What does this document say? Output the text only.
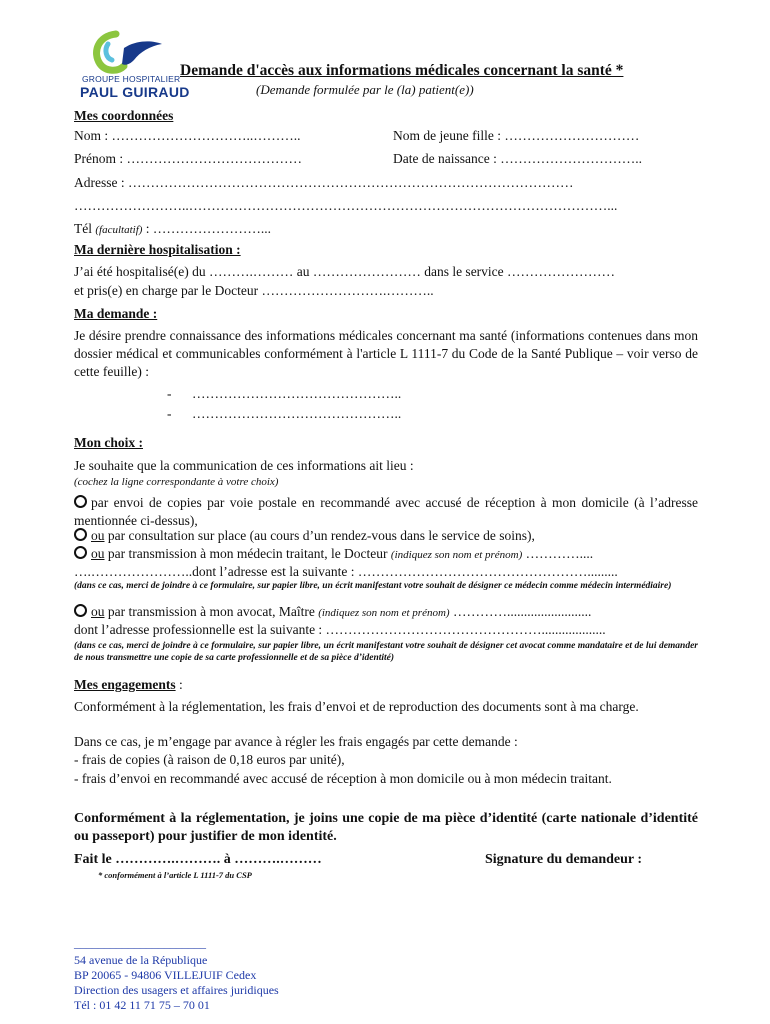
GROUPE HOSPITALIER
PAUL GUIRAUD
Demande d'accès aux informations médicales concernant la santé *
(Demande formulée par le (la) patient(e))
Mes coordonnées
Nom : …………………………..………..	Nom de jeune fille : …………………………
Prénom : …………………………………	Date de naissance : …………………………..
Adresse : ………………………………………………………………………………………
……………………..…………………………………………………………………………………...
Tél (facultatif) : ……………………...
Ma dernière hospitalisation :
J’ai été hospitalisé(e) du ……….……… au …………………… dans le service ……………………
et pris(e) en charge par le Docteur ……………………….………..
Ma demande :
Je désire prendre connaissance des informations médicales concernant ma santé (informations contenues dans mon dossier médical et communicables conformément à l'article L 1111-7 du Code de la Santé Publique – voir verso de cette feuille) :
- ………………………………………..
- ………………………………………..
Mon choix :
Je souhaite que la communication de ces informations ait lieu :
(cochez la ligne correspondante à votre choix)
par envoi de copies par voie postale en recommandé avec accusé de réception à mon domicile (à l’adresse mentionnée ci-dessus),
ou par consultation sur place (au cours d’un rendez-vous dans le service de soins),
ou par transmission à mon médecin traitant, le Docteur (indiquez son nom et prénom) …………....
….…………………..dont l’adresse est la suivante : …………………………………………….........
(dans ce cas, merci de joindre à ce formulaire, sur papier libre, un écrit manifestant votre souhait de désigner ce médecin comme médecin intermédiaire)
ou par transmission à mon avocat, Maître (indiquez son nom et prénom) ………….........................
dont l’adresse professionnelle est la suivante : …………………………………………...................
(dans ce cas, merci de joindre à ce formulaire, sur papier libre, un écrit manifestant votre souhait de désigner cet avocat comme mandataire et de lui demander de nous transmettre une copie de sa carte professionnelle et de sa pièce d’identité)
Mes engagements :
Conformément à la réglementation, les frais d’envoi et de reproduction des documents sont à ma charge.
Dans ce cas, je m’engage par avance à régler les frais engagés par cette demande :
- frais de copies (à raison de 0,18 euros par unité),
- frais d’envoi en recommandé avec accusé de réception à mon domicile ou à mon médecin traitant.
Conformément à la réglementation, je joins une copie de ma pièce d’identité (carte nationale d’identité ou passeport) pour justifier de mon identité.
Fait le ………….………. à ……….………	Signature du demandeur :
* conformément à l’article L 1111-7 du CSP
______________________
54 avenue de la République
BP 20065 - 94806 VILLEJUIF Cedex
Direction des usagers et affaires juridiques
Tél : 01 42 11 71 75 – 70 01
